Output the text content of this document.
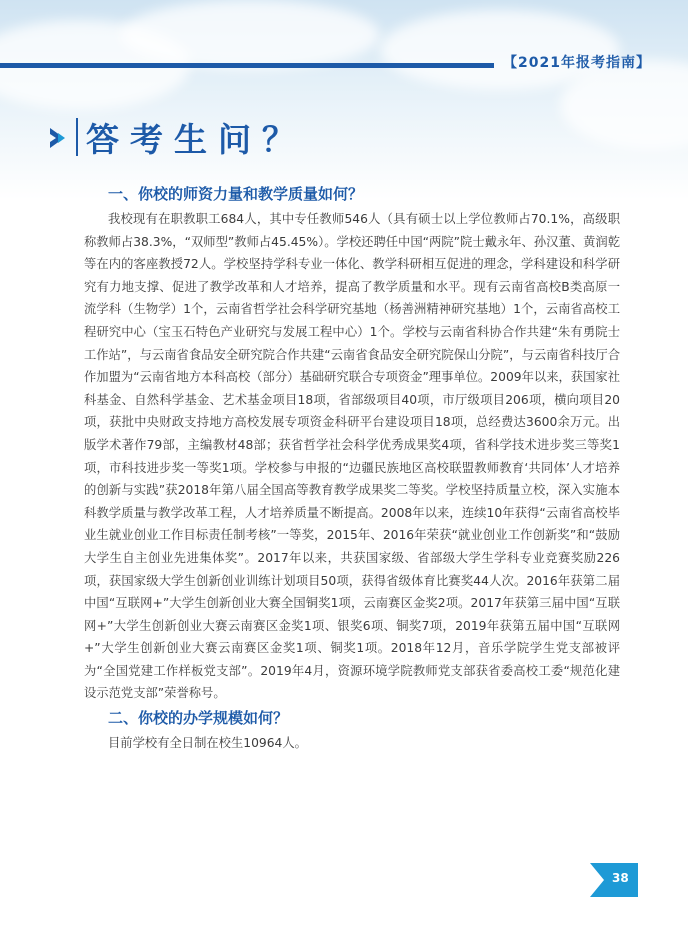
【2021年报考指南】
答考生问？
一、你校的师资力量和教学质量如何？

我校现有在职教职工684人，其中专任教师546人（具有硕士以上学位教师占70.1%，高级职称教师占38.3%，“双师型”教师占45.45%）。学校还聘任中国“两院”院士戴永年、孙汉董、黄润乾等在内的客座教授72人。学校坚持学科专业一体化、教学科研相互促进的理念，学科建设和科学研究有力地支撑、促进了教学改革和人才培养，提高了教学质量和水平。现有云南省高校B类高原一流学科（生物学）1个，云南省哲学社会科学研究基地（杨善洲精神研究基地）1个，云南省高校工程研究中心（宝玉石特色产业研究与发展工程中心）1个。学校与云南省科协合作共建“朱有勇院士工作站”，与云南省食品安全研究院合作共建“云南省食品安全研究院保山分院”，与云南省科技厅合作加盟为“云南省地方本科高校（部分）基础研究联合专项资金”理事单位。2009年以来，获国家社科基金、自然科学基金、艺术基金项目18项，省部级项目40项，市厅级项目206项，横向项目20项，获批中央财政支持地方高校发展专项资金科研平台建设项目18项，总经费达3600余万元。出版学术著作79部，主编教材48部；获省哲学社会科学优秀成果奖4项，省科学技术进步奖三等奖1项，市科技进步奖一等奖1项。学校参与申报的“边疆民族地区高校联盟教师教育‘共同体’人才培养的创新与实践”获2018年第八届全国高等教育教学成果奖二等奖。学校坚持质量立校，深入实施本科教学质量与教学改革工程，人才培养质量不断提高。2008年以来，连续10年获得“云南省高校毕业生就业创业工作目标责任制考核”一等奖，2015年、2016年荣获“就业创业工作创新奖”和“鼓励大学生自主创业先进集体奖”。2017年以来，共获国家级、省部级大学生学科专业竞赛奖励226项，获国家级大学生创新创业训练计划项目50项，获得省级体育比赛奖44人次。2016年获第二届中国“互联网+”大学生创新创业大赛全国铜奖1项，云南赛区金奖2项。2017年获第三届中国“互联网+”大学生创新创业大赛云南赛区金奖1项、银奖6项、铜奖7项，2019年获第五届中国“互联网+”大学生创新创业大赛云南赛区金奖1项、铜奖1项。2018年12月，音乐学院学生党支部被评为“全国党建工作样板党支部”。2019年4月，资源环境学院教师党支部获省委高校工委“规范化建设示范党支部”荣誉称号。

二、你校的办学规模如何？

目前学校有全日制在校生10964人。

38
